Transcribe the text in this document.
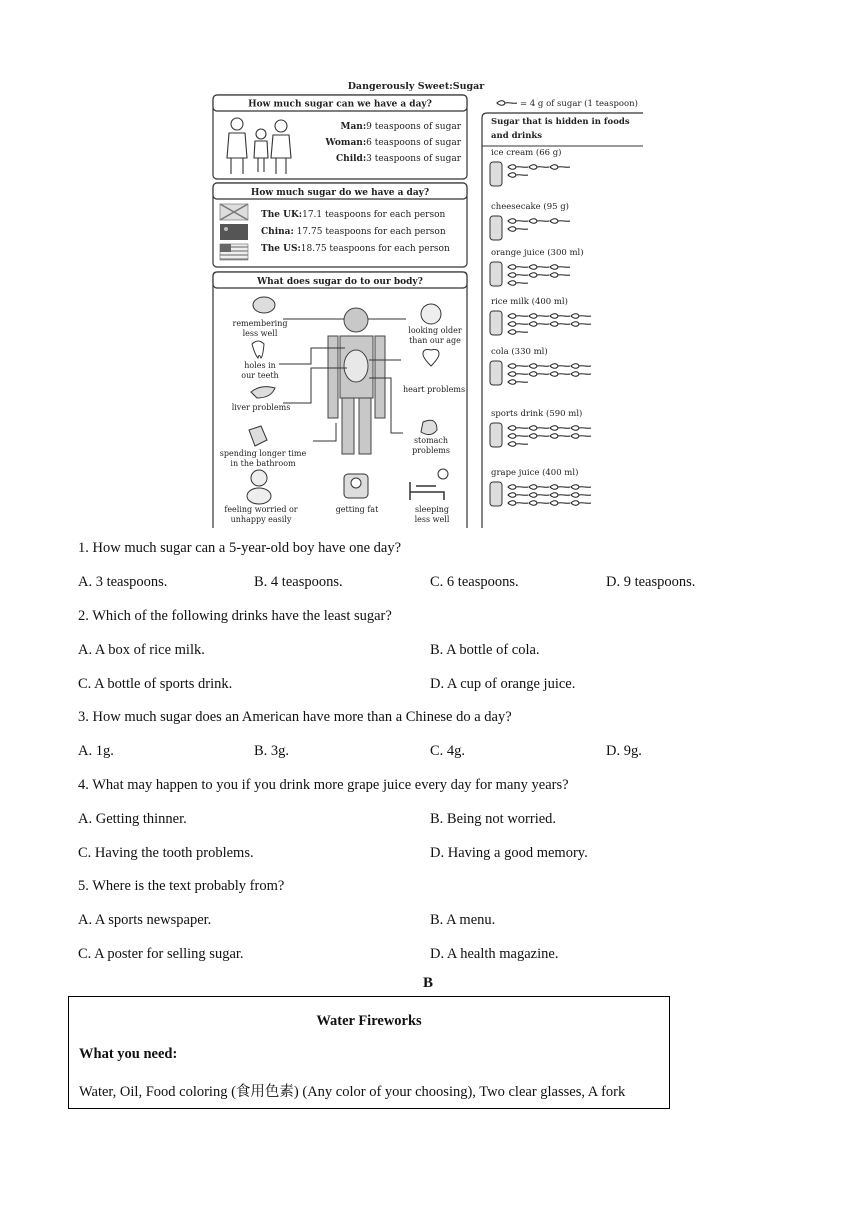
Dangerously Sweet:Sugar
How much sugar can we have a day?
Man:9 teaspoons of sugar
Woman:6 teaspoons of sugar
Child:3 teaspoons of sugar
How much sugar do we have a day?
The UK:17.1 teaspoons for each person
China: 17.75 teaspoons for each person
The US:18.75 teaspoons for each person
What does sugar do to our body?
remembering less well
holes in our teeth
liver problems
spending longer time in the bathroom
feeling worried or unhappy easily
getting fat	sleeping less well
looking older than our age
heart problems
stomach problems
= 4 g of sugar (1 teaspoon)
Sugar that is hidden in foods and drinks
ice cream (66 g)
cheesecake (95 g)
orange juice (300 ml)
rice milk (400 ml)
cola (330 ml)
sports drink (590 ml)
grape juice (400 ml)
1. How much sugar can a 5-year-old boy have one day?
A. 3 teaspoons.	B. 4 teaspoons.	C. 6 teaspoons.	D. 9 teaspoons.
2. Which of the following drinks have the least sugar?
A. A box of rice milk.	B. A bottle of cola.
C. A bottle of sports drink.	D. A cup of orange juice.
3. How much sugar does an American have more than a Chinese do a day?
A. 1g.	B. 3g.	C. 4g.	D. 9g.
4. What may happen to you if you drink more grape juice every day for many years?
A. Getting thinner.	B. Being not worried.
C. Having the tooth problems.	D. Having a good memory.
5. Where is the text probably from?
A. A sports newspaper.	B. A menu.
C. A poster for selling sugar.	D. A health magazine.
B
Water Fireworks
What you need:
Water, Oil, Food coloring (食用色素) (Any color of your choosing), Two clear glasses, A fork
